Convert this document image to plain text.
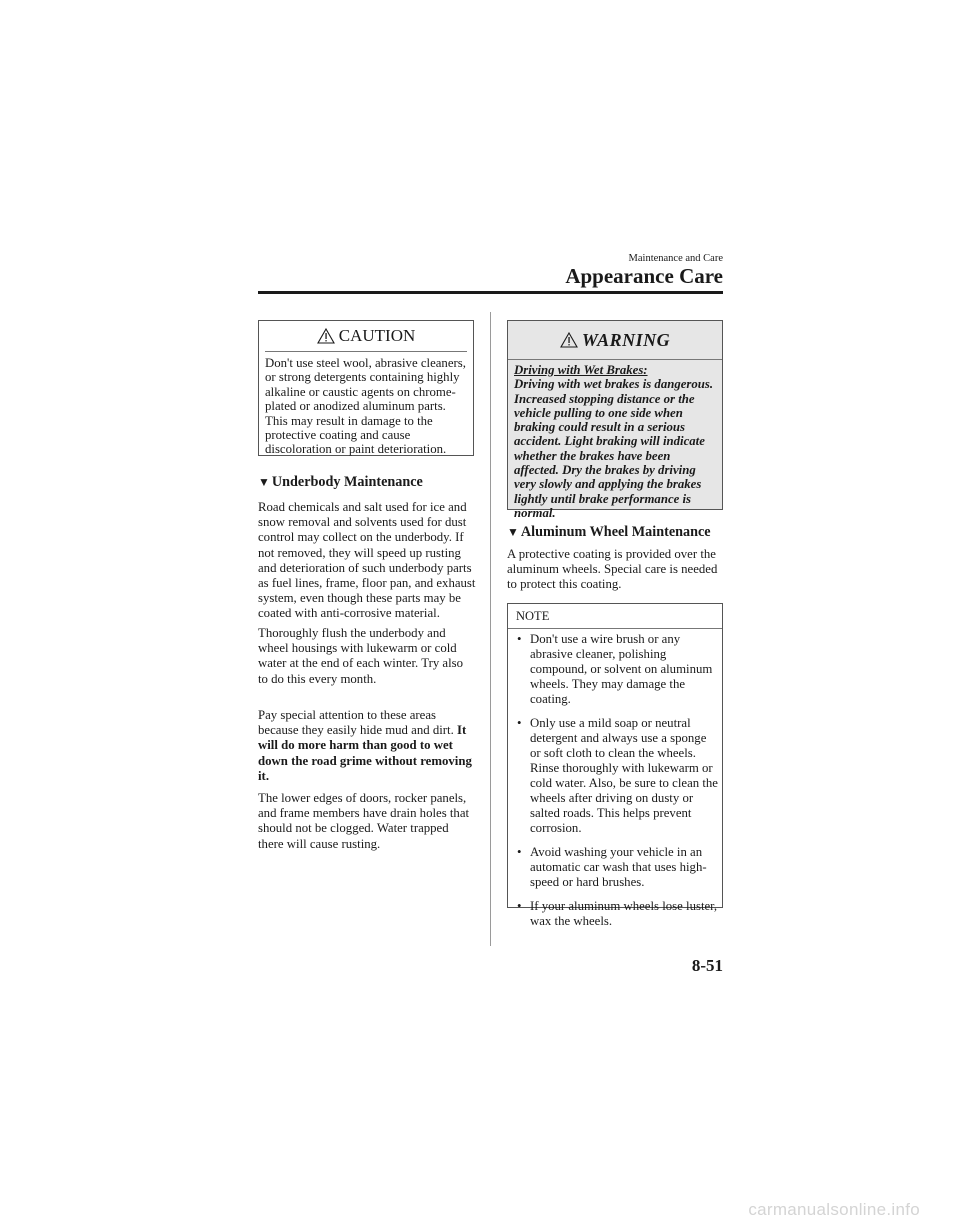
Maintenance and Care
Appearance Care
CAUTION
Don't use steel wool, abrasive cleaners, or strong detergents containing highly alkaline or caustic agents on chrome-plated or anodized aluminum parts. This may result in damage to the protective coating and cause discoloration or paint deterioration.
▼ Underbody Maintenance
Road chemicals and salt used for ice and snow removal and solvents used for dust control may collect on the underbody. If not removed, they will speed up rusting and deterioration of such underbody parts as fuel lines, frame, floor pan, and exhaust system, even though these parts may be coated with anti-corrosive material.
Thoroughly flush the underbody and wheel housings with lukewarm or cold water at the end of each winter. Try also to do this every month.
Pay special attention to these areas because they easily hide mud and dirt. It will do more harm than good to wet down the road grime without removing it.
The lower edges of doors, rocker panels, and frame members have drain holes that should not be clogged. Water trapped there will cause rusting.
WARNING
Driving with Wet Brakes:
Driving with wet brakes is dangerous. Increased stopping distance or the vehicle pulling to one side when braking could result in a serious accident. Light braking will indicate whether the brakes have been affected. Dry the brakes by driving very slowly and applying the brakes lightly until brake performance is normal.
▼ Aluminum Wheel Maintenance
A protective coating is provided over the aluminum wheels. Special care is needed to protect this coating.
NOTE
• Don't use a wire brush or any abrasive cleaner, polishing compound, or solvent on aluminum wheels. They may damage the coating.
• Only use a mild soap or neutral detergent and always use a sponge or soft cloth to clean the wheels. Rinse thoroughly with lukewarm or cold water. Also, be sure to clean the wheels after driving on dusty or salted roads. This helps prevent corrosion.
• Avoid washing your vehicle in an automatic car wash that uses high-speed or hard brushes.
• If your aluminum wheels lose luster, wax the wheels.
8-51
carmanualsonline.info
